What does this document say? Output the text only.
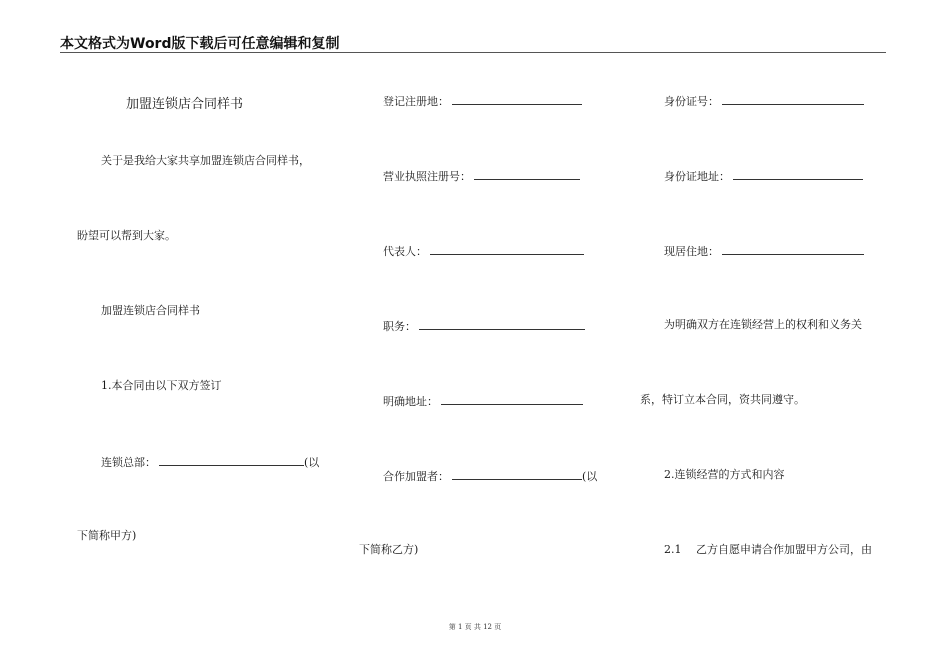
本文格式为Word版下载后可任意编辑和复制
加盟连锁店合同样书
关于是我给大家共享加盟连锁店合同样书，
盼望可以帮到大家。
加盟连锁店合同样书
1.本合同由以下双方签订
连锁总部：	(以
下简称甲方)
登记注册地：
营业执照注册号：
代表人：
职务：
明确地址：
合作加盟者：	(以
下简称乙方)
身份证号：
身份证地址：
现居住地：
为明确双方在连锁经营上的权利和义务关
系，特订立本合同，资共同遵守。
2.连锁经营的方式和内容
2.1　 乙方自愿申请合作加盟甲方公司，由
第 1 页 共 12 页
